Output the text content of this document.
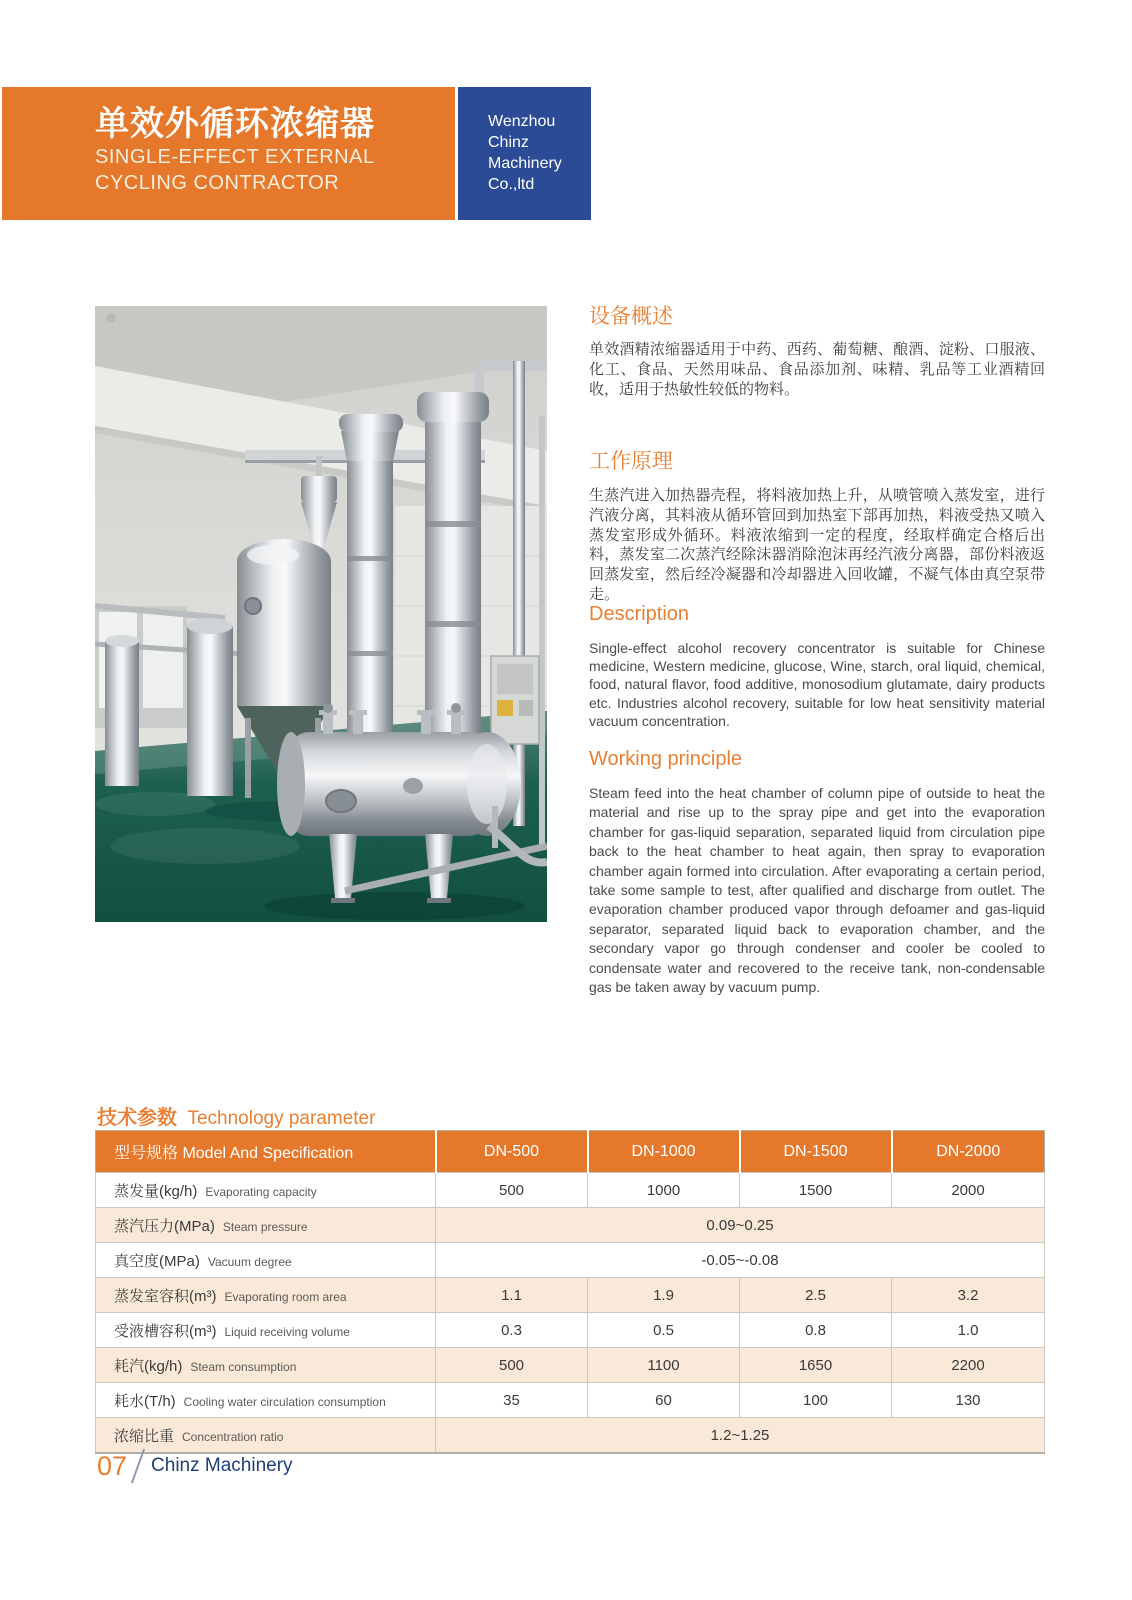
单效外循环浓缩器
SINGLE-EFFECT EXTERNAL
CYCLING CONTRACTOR
Wenzhou
Chinz
Machinery
Co.,ltd
设备概述

单效酒精浓缩器适用于中药、西药、葡萄糖、酿酒、淀粉、口服液、化工、食品、天然用味品、食品添加剂、味精、乳品等工业酒精回收，适用于热敏性较低的物料。

工作原理

生蒸汽进入加热器壳程，将料液加热上升，从喷管喷入蒸发室，进行汽液分离，其料液从循环管回到加热室下部再加热，料液受热又喷入蒸发室形成外循环。料液浓缩到一定的程度，经取样确定合格后出料，蒸发室二次蒸汽经除沫器消除泡沫再经汽液分离器，部份料液返回蒸发室，然后经冷凝器和冷却器进入回收罐，不凝气体由真空泵带走。

Description

Single-effect alcohol recovery concentrator is suitable for Chinese medicine, Western medicine, glucose, Wine, starch, oral liquid, chemical, food, natural flavor, food additive, monosodium glutamate, dairy products etc. Industries alcohol recovery, suitable for low heat sensitivity material vacuum concentration.

Working principle

Steam feed into the heat chamber of column pipe of outside to heat the material and rise up to the spray pipe and get into the evaporation chamber for gas-liquid separation, separated liquid from circulation pipe back to the heat chamber to heat again, then spray to evaporation chamber again formed into circulation. After evaporating a certain period, take some sample to test, after qualified and discharge from outlet. The evaporation chamber produced vapor through defoamer and gas-liquid separator, separated liquid back to evaporation chamber, and the secondary vapor go through condenser and cooler be cooled to condensate water and recovered to the receive tank, non-condensable gas be taken away by vacuum pump.

技术参数 Technology parameter
型号规格 Model And Specification	DN-500	DN-1000	DN-1500	DN-2000
蒸发量(kg/h) Evaporating capacity	500	1000	1500	2000
蒸汽压力(MPa) Steam pressure	0.09~0.25			
真空度(MPa) Vacuum degree	-0.05~-0.08			
蒸发室容积(m³) Evaporating room area	1.1	1.9	2.5	3.2
受液槽容积(m³) Liquid receiving volume	0.3	0.5	0.8	1.0
耗汽(kg/h) Steam consumption	500	1100	1650	2200
耗水(T/h) Cooling water circulation consumption	35	60	100	130
浓缩比重 Concentration ratio	1.2~1.25			
07 Chinz Machinery
